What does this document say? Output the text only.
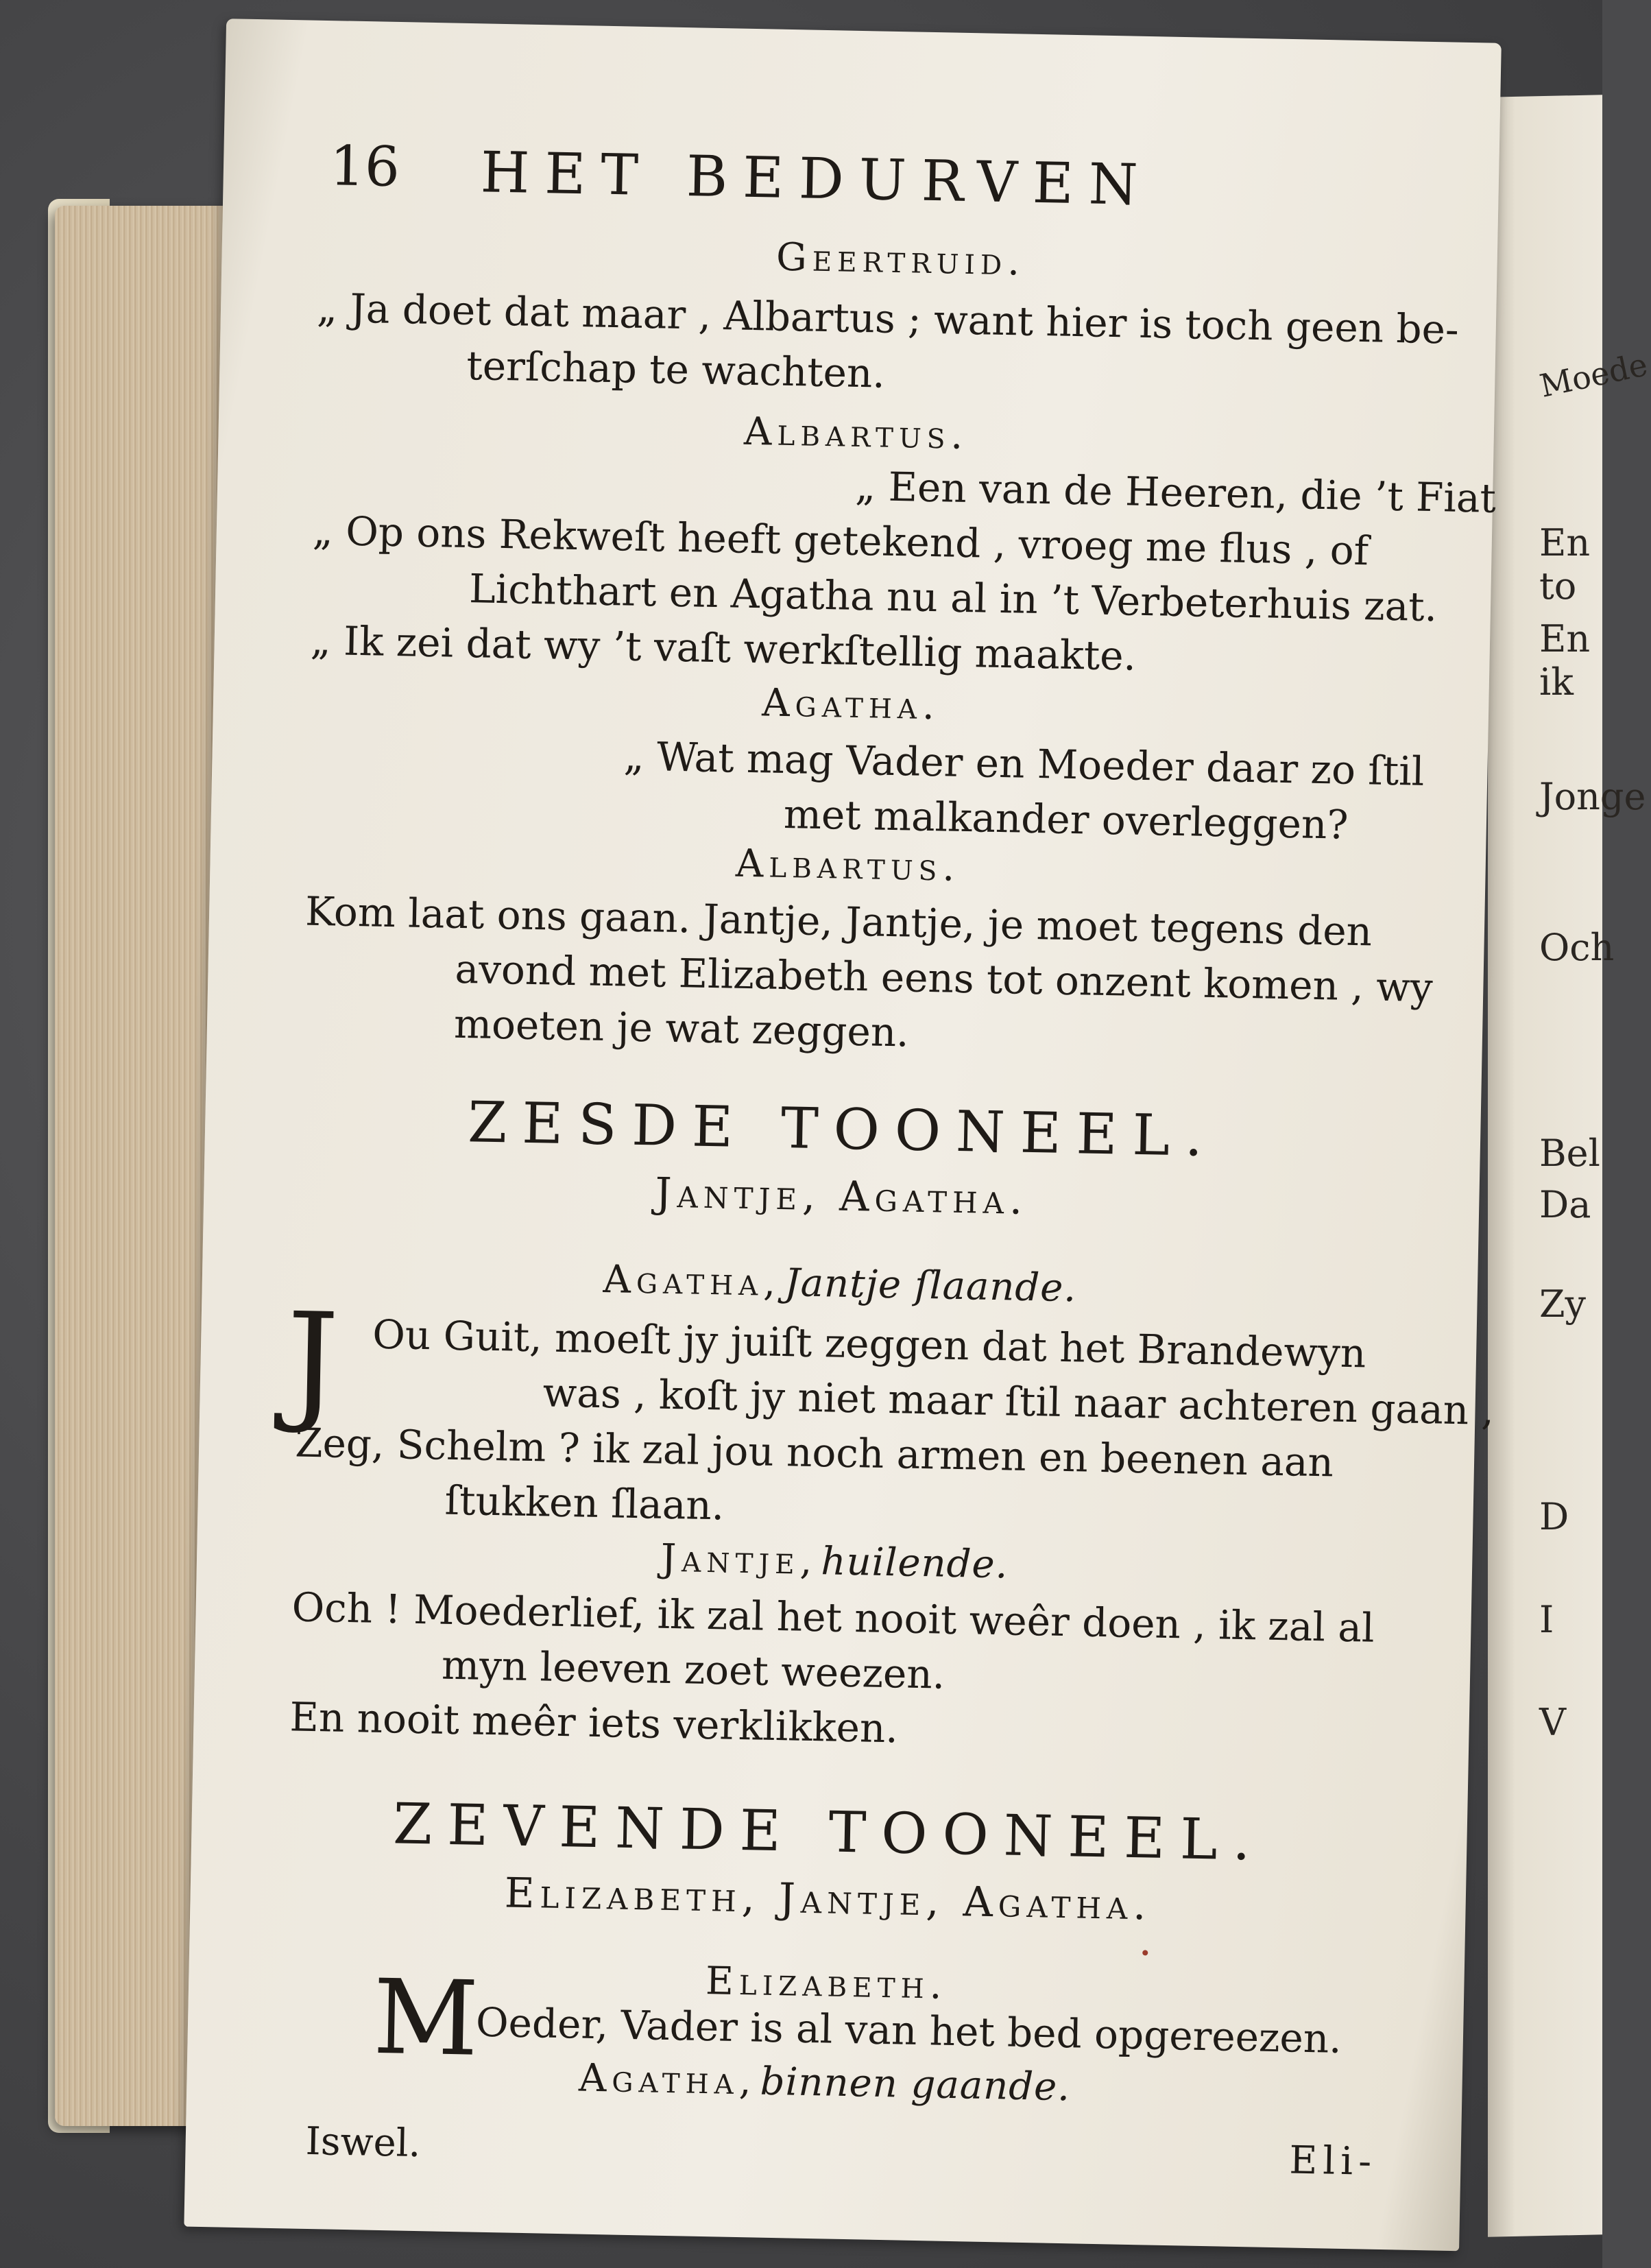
Moede
En to
En ik
Jonge
Och
Bel
Da
Zy
D
I
V
16 HET BEDURVEN
Geertruid.
„ Ja doet dat maar , Albartus ; want hier is toch geen be-
terſchap te wachten.
Albartus.
„ Een van de Heeren, die ’t Fiat
„ Op ons Rekweſt heeft getekend , vroeg me flus , of
Lichthart en Agatha nu al in ’t Verbeterhuis zat.
„ Ik zei dat wy ’t vaſt werkſtellig maakte.
Agatha.
„ Wat mag Vader en Moeder daar zo ſtil
met malkander overleggen?
Albartus.
Kom laat ons gaan. Jantje, Jantje, je moet tegens den
avond met Elizabeth eens tot onzent komen , wy
moeten je wat zeggen.
ZESDE TOONEEL.
Jantje, Agatha.
Agatha, Jantje ſlaande.
J Ou Guit, moeſt jy juiſt zeggen dat het Brandewyn
was , koſt jy niet maar ſtil naar achteren gaan ,
Zeg, Schelm ? ik zal jou noch armen en beenen aan
ſtukken ſlaan.
Jantje, huilende.
Och ! Moederlief, ik zal het nooit weêr doen , ik zal al
myn leeven zoet weezen.
En nooit meêr iets verklikken.
ZEVENDE TOONEEL.
Elizabeth, Jantje, Agatha.
Elizabeth.
M
Oeder, Vader is al van het bed opgereezen.
Agatha, binnen gaande.
Iswel.	Eli-
